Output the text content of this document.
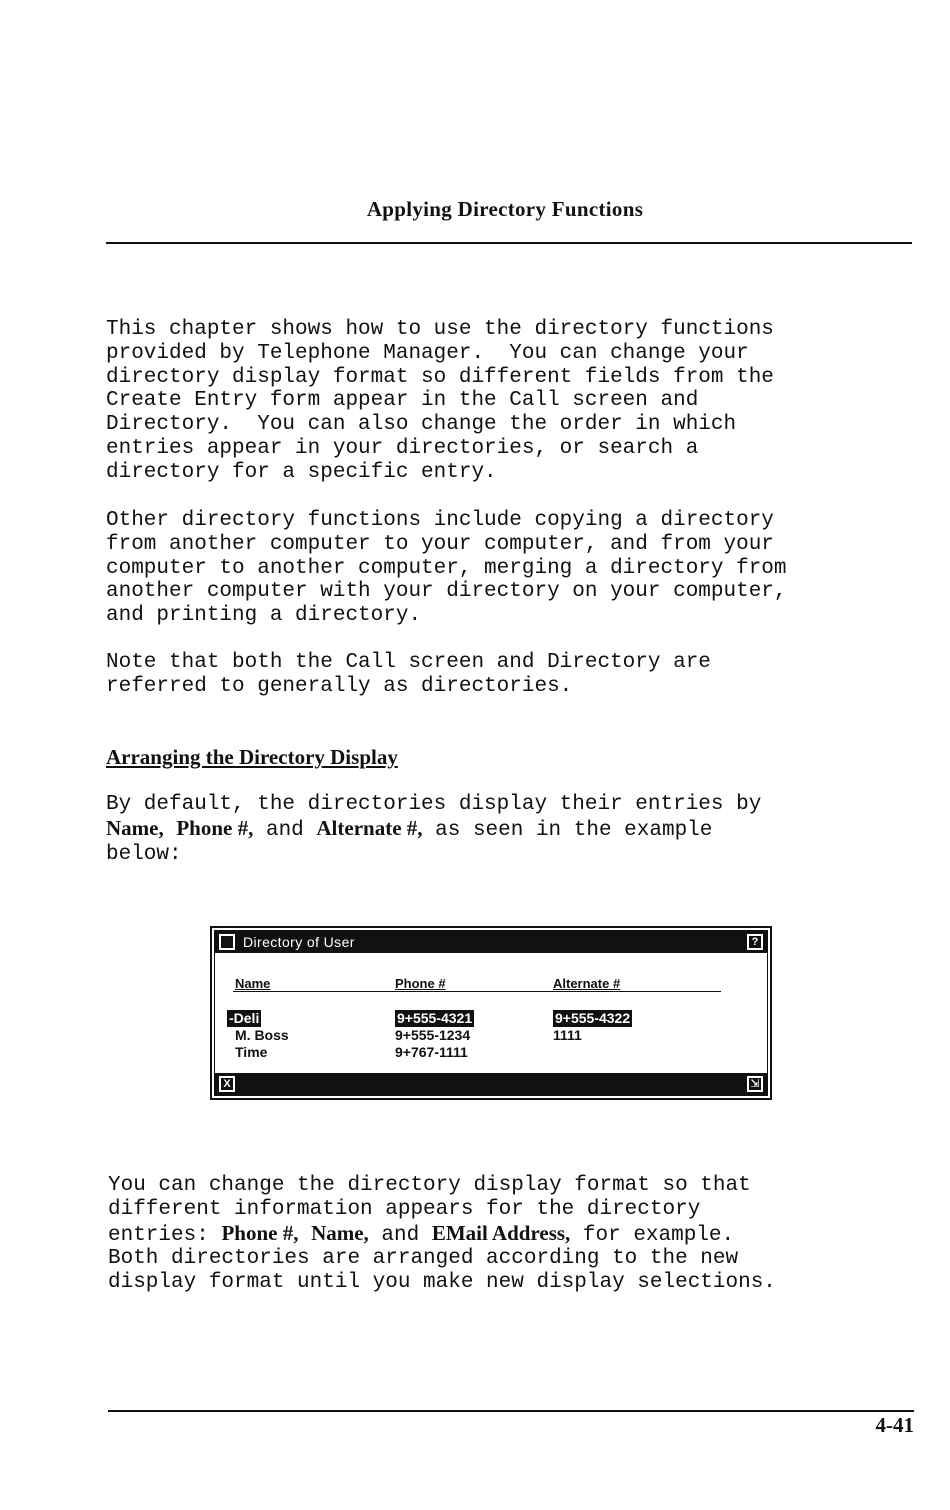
Applying Directory Functions
This chapter shows how to use the directory functions
provided by Telephone Manager.  You can change your
directory display format so different fields from the
Create Entry form appear in the Call screen and
Directory.  You can also change the order in which
entries appear in your directories, or search a
directory for a specific entry.
Other directory functions include copying a directory
from another computer to your computer, and from your
computer to another computer, merging a directory from
another computer with your directory on your computer,
and printing a directory.
Note that both the Call screen and Directory are
referred to generally as directories.
Arranging the Directory Display
By default, the directories display their entries by
Name, Phone #, and Alternate #, as seen in the example
below:
Directory of User	?
Name	Phone #	Alternate #
-Deli	9+555-4321	9+555-4322
M. Boss	9+555-1234	1111
Time	9+767-1111
X	⇲
You can change the directory display format so that
different information appears for the directory
entries: Phone #, Name, and EMail Address, for example.
Both directories are arranged according to the new
display format until you make new display selections.
4-41
